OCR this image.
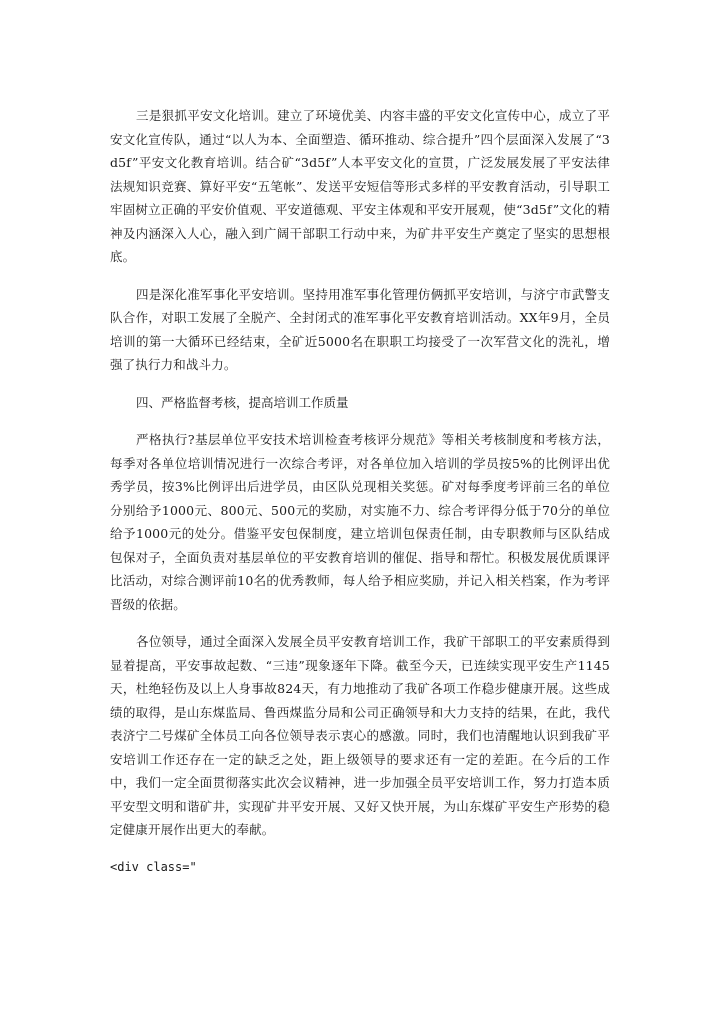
三是狠抓平安文化培训。建立了环境优美、内容丰盛的平安文化宣传中心，成立了平安文化宣传队，通过“以人为本、全面塑造、循环推动、综合提升”四个层面深入发展了“3d5f”平安文化教育培训。结合矿“3d5f”人本平安文化的宣贯，广泛发展发展了平安法律法规知识竞赛、算好平安“五笔帐”、发送平安短信等形式多样的平安教育活动，引导职工牢固树立正确的平安价值观、平安道德观、平安主体观和平安开展观，使“3d5f”文化的精神及内涵深入人心，融入到广阔干部职工行动中来，为矿井平安生产奠定了坚实的思想根底。

四是深化准军事化平安培训。坚持用准军事化管理仿俩抓平安培训，与济宁市武警支队合作，对职工发展了全脱产、全封闭式的准军事化平安教育培训活动。XX年9月，全员培训的第一大循环已经结束，全矿近5000名在职职工均接受了一次军营文化的洗礼，增强了执行力和战斗力。

四、严格监督考核，提高培训工作质量

严格执行?基层单位平安技术培训检查考核评分规范》等相关考核制度和考核方法，每季对各单位培训情况进行一次综合考评，对各单位加入培训的学员按5%的比例评出优秀学员，按3%比例评出后进学员，由区队兑现相关奖惩。矿对每季度考评前三名的单位分别给予1000元、800元、500元的奖励，对实施不力、综合考评得分低于70分的单位给予1000元的处分。借鉴平安包保制度，建立培训包保责任制，由专职教师与区队结成包保对子，全面负责对基层单位的平安教育培训的催促、指导和帮忙。积极发展优质课评比活动，对综合测评前10名的优秀教师，每人给予相应奖励，并记入相关档案，作为考评晋级的依据。

各位领导，通过全面深入发展全员平安教育培训工作，我矿干部职工的平安素质得到显着提高，平安事故起数、“三违”现象逐年下降。截至今天，已连续实现平安生产1145天，杜绝轻伤及以上人身事故824天，有力地推动了我矿各项工作稳步健康开展。这些成绩的取得，是山东煤监局、鲁西煤监分局和公司正确领导和大力支持的结果，在此，我代表济宁二号煤矿全体员工向各位领导表示衷心的感激。同时，我们也清醒地认识到我矿平安培训工作还存在一定的缺乏之处，距上级领导的要求还有一定的差距。在今后的工作中，我们一定全面贯彻落实此次会议精神，进一步加强全员平安培训工作，努力打造本质平安型文明和谐矿井，实现矿井平安开展、又好又快开展，为山东煤矿平安生产形势的稳定健康开展作出更大的奉献。

<div class="
